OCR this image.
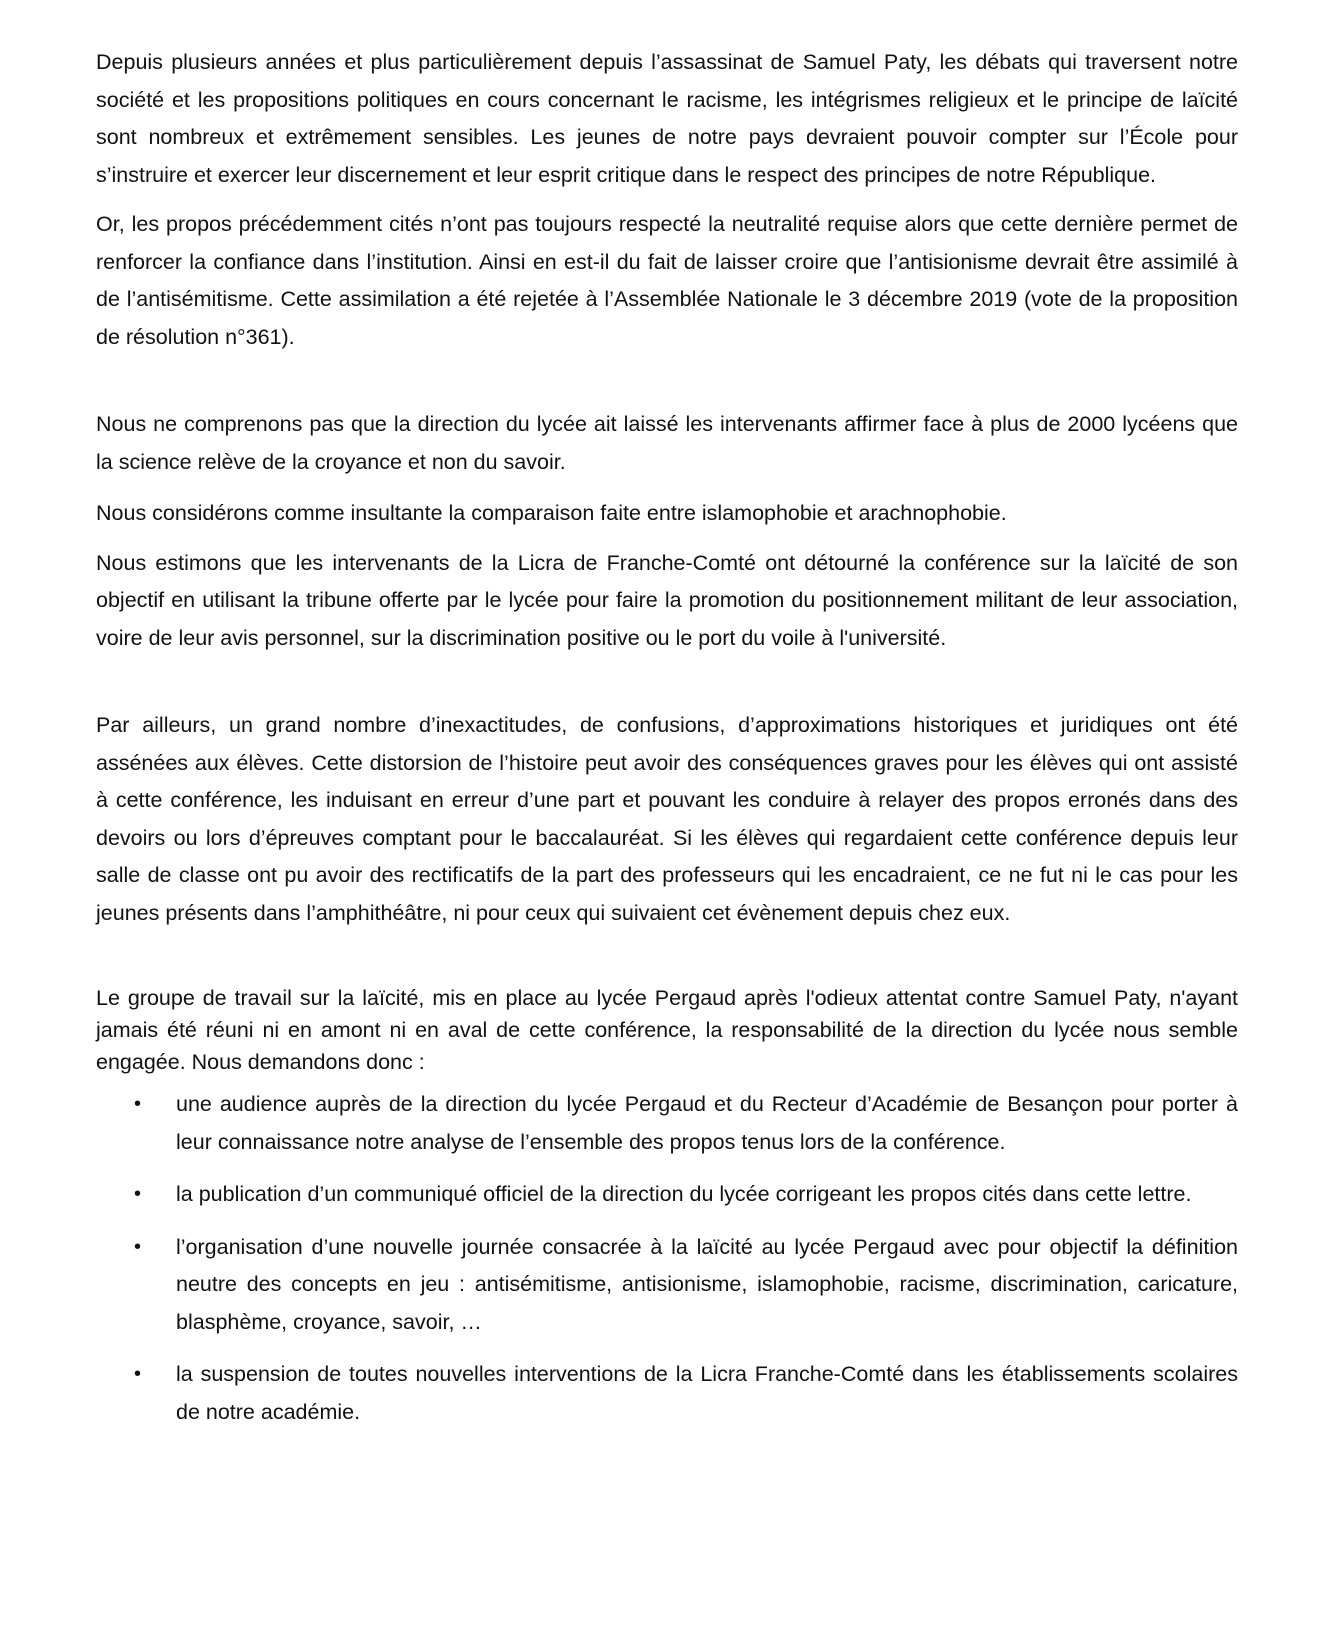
Depuis plusieurs années et plus particulièrement depuis l’assassinat de Samuel Paty, les débats qui traversent notre société et les propositions politiques en cours concernant le racisme, les intégrismes religieux et le principe de laïcité sont nombreux et extrêmement sensibles. Les jeunes de notre pays devraient pouvoir compter sur l’École pour s’instruire et exercer leur discernement et leur esprit critique dans le respect des principes de notre République.

Or, les propos précédemment cités n’ont pas toujours respecté la neutralité requise alors que cette dernière permet de renforcer la confiance dans l’institution. Ainsi en est-il du fait de laisser croire que l’antisionisme devrait être assimilé à de l’antisémitisme. Cette assimilation a été rejetée à l’Assemblée Nationale le 3 décembre 2019 (vote de la proposition de résolution n°361).

Nous ne comprenons pas que la direction du lycée ait laissé les intervenants affirmer face à plus de 2000 lycéens que la science relève de la croyance et non du savoir.

Nous considérons comme insultante la comparaison faite entre islamophobie et arachnophobie.

Nous estimons que les intervenants de la Licra de Franche-Comté ont détourné la conférence sur la laïcité de son objectif en utilisant la tribune offerte par le lycée pour faire la promotion du positionnement militant de leur association, voire de leur avis personnel, sur la discrimination positive ou le port du voile à l'université.

Par ailleurs, un grand nombre d’inexactitudes, de confusions, d’approximations historiques et juridiques ont été assénées aux élèves. Cette distorsion de l’histoire peut avoir des conséquences graves pour les élèves qui ont assisté à cette conférence, les induisant en erreur d’une part et pouvant les conduire à relayer des propos erronés dans des devoirs ou lors d’épreuves comptant pour le baccalauréat. Si les élèves qui regardaient cette conférence depuis leur salle de classe ont pu avoir des rectificatifs de la part des professeurs qui les encadraient, ce ne fut ni le cas pour les jeunes présents dans l’amphithéâtre, ni pour ceux qui suivaient cet évènement depuis chez eux.

Le groupe de travail sur la laïcité, mis en place au lycée Pergaud après l'odieux attentat contre Samuel Paty, n'ayant jamais été réuni ni en amont ni en aval de cette conférence, la responsabilité de la direction du lycée nous semble engagée. Nous demandons donc :

• une audience auprès de la direction du lycée Pergaud et du Recteur d’Académie de Besançon pour porter à leur connaissance notre analyse de l’ensemble des propos tenus lors de la conférence.
• la publication d’un communiqué officiel de la direction du lycée corrigeant les propos cités dans cette lettre.
• l’organisation d’une nouvelle journée consacrée à la laïcité au lycée Pergaud avec pour objectif la définition neutre des concepts en jeu : antisémitisme, antisionisme, islamophobie, racisme, discrimination, caricature, blasphème, croyance, savoir, …
• la suspension de toutes nouvelles interventions de la Licra Franche-Comté dans les établissements scolaires de notre académie.
